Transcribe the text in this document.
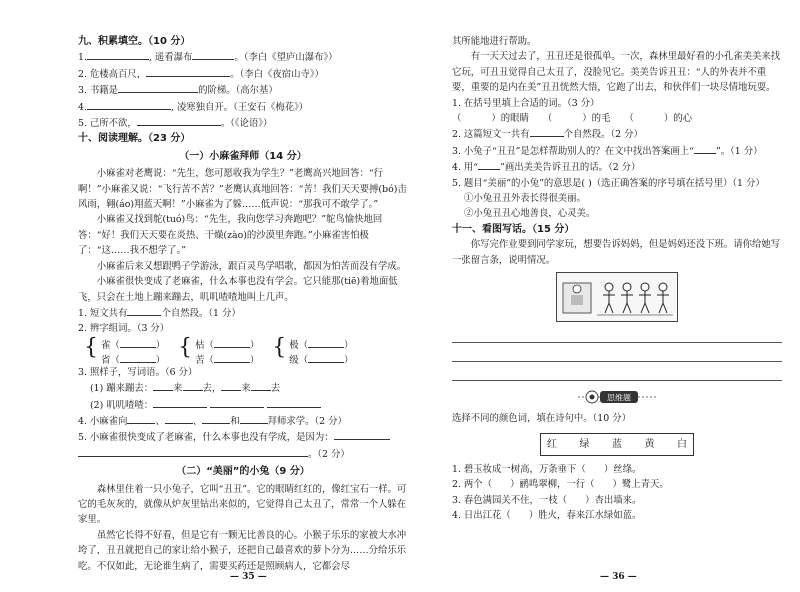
九、积累填空。（10 分）
1.	, 遥看瀑布	。（李白《望庐山瀑布》）
2. 危楼高百尺，	。（李白《夜宿山寺》）
3. 书籍是	的阶梯。（高尔基）
4.	, 凌寒独自开。（王安石《梅花》）
5. 己所不欲，	。（《论语》）
十、阅读理解。（23 分）
（一）小麻雀拜师（14 分）
小麻雀对老鹰说：“先生，您可愿收我为学生？”老鹰高兴地回答：“行啊！”小麻雀又说：“飞行苦不苦？”老鹰认真地回答：“苦！我们天天要搏(bó)击风雨，翱(áo)翔蓝天啊！”小麻雀为了躲……低声说：“那我可不敢学了。”
小麻雀又找到鸵(tuó)鸟：“先生，我向您学习奔跑吧？”鸵鸟愉快地回答：“好！我们天天要在炎热、干燥(zào)的沙漠里奔跑。”小麻雀害怕极了：“这……我不想学了。”
小麻雀后来又想跟鸭子学游泳，跟百灵鸟学唱歌，都因为怕苦而没有学成。
小麻雀很快变成了老麻雀，什么本事也没有学会。它只能那(tiē)着地面低飞，只会在土地上蹦来蹦去，叽叽喳喳地叫上几声。
1. 短文共有	个自然段。（1 分）
2. 辨字组词。（3 分）
{ 雀（	）
省（	） { 枯（	）
苦（	） { 极（	）
级（	）
3. 照样子，写词语。（6 分）
(1) 蹦来蹦去： 来 去， 来 去
(2) 叽叽喳喳：
4. 小麻雀向	、	、	和	拜师求学。（2 分）
5. 小麻雀很快变成了老麻雀，什么本事也没有学成，是因为：
。（2 分）
（二）“美丽”的小兔（9 分）
森林里住着一只小兔子，它叫“丑丑”。它的眼睛红红的，像红宝石一样。可它的毛灰灰的，就像从炉灰里钻出来似的，它觉得自己太丑了，常常一个人躲在家里。
虽然它长得不好看，但是它有一颗无比善良的心。小猴子乐乐的家被大水冲垮了，丑丑就把自己的家让给小猴子，还把自己最喜欢的萝卜分为……分给乐乐吃。不仅如此，无论谁生病了，需要买药还是照顾病人，它都会尽
— 35 —
其所能地进行帮助。
有一天天过去了，丑丑还是很孤单。一次，森林里最好看的小孔雀美美来找它玩，可丑丑觉得自己太丑了，没脸见它。美美告诉丑丑：“人的外表并不重要，重要的是内在美”丑丑恍然大悟，它跑了出去，和伙伴们一块尽情地玩耍。
1. 在括号里填上合适的词。（3 分）
（	）的眼睛 （	）的毛 （	）的心
2. 这篇短文一共有	个自然段。（2 分）
3. 小兔子“丑丑”是怎样帮助别人的？在文中找出答案画上“ ”。（1 分）
4. 用“ ”画出美美告诉丑丑的话。（2 分）
5. 题目“美丽”的小兔”的意思是( )（选正确答案的序号填在括号里）（1 分）
①小兔丑丑外表长得很美丽。
②小兔丑丑心地善良，心灵美。
十一、看图写话。（15 分）
你写完作业要到同学家玩，想要告诉妈妈，但是妈妈还没下班。请你给她写一张留言条，说明情况。
思维题
选择不同的颜色词，填在诗句中。（10 分）
红 绿 蓝 黄 白
1. 碧玉妆成一树高，万条垂下（ ）丝绦。
2. 两个（ ）鹂鸣翠柳，一行（ ）鹭上青天。
3. 春色满园关不住，一枝（ ）杏出墙来。
4. 日出江花（ ）胜火，春来江水绿如蓝。
— 36 —
